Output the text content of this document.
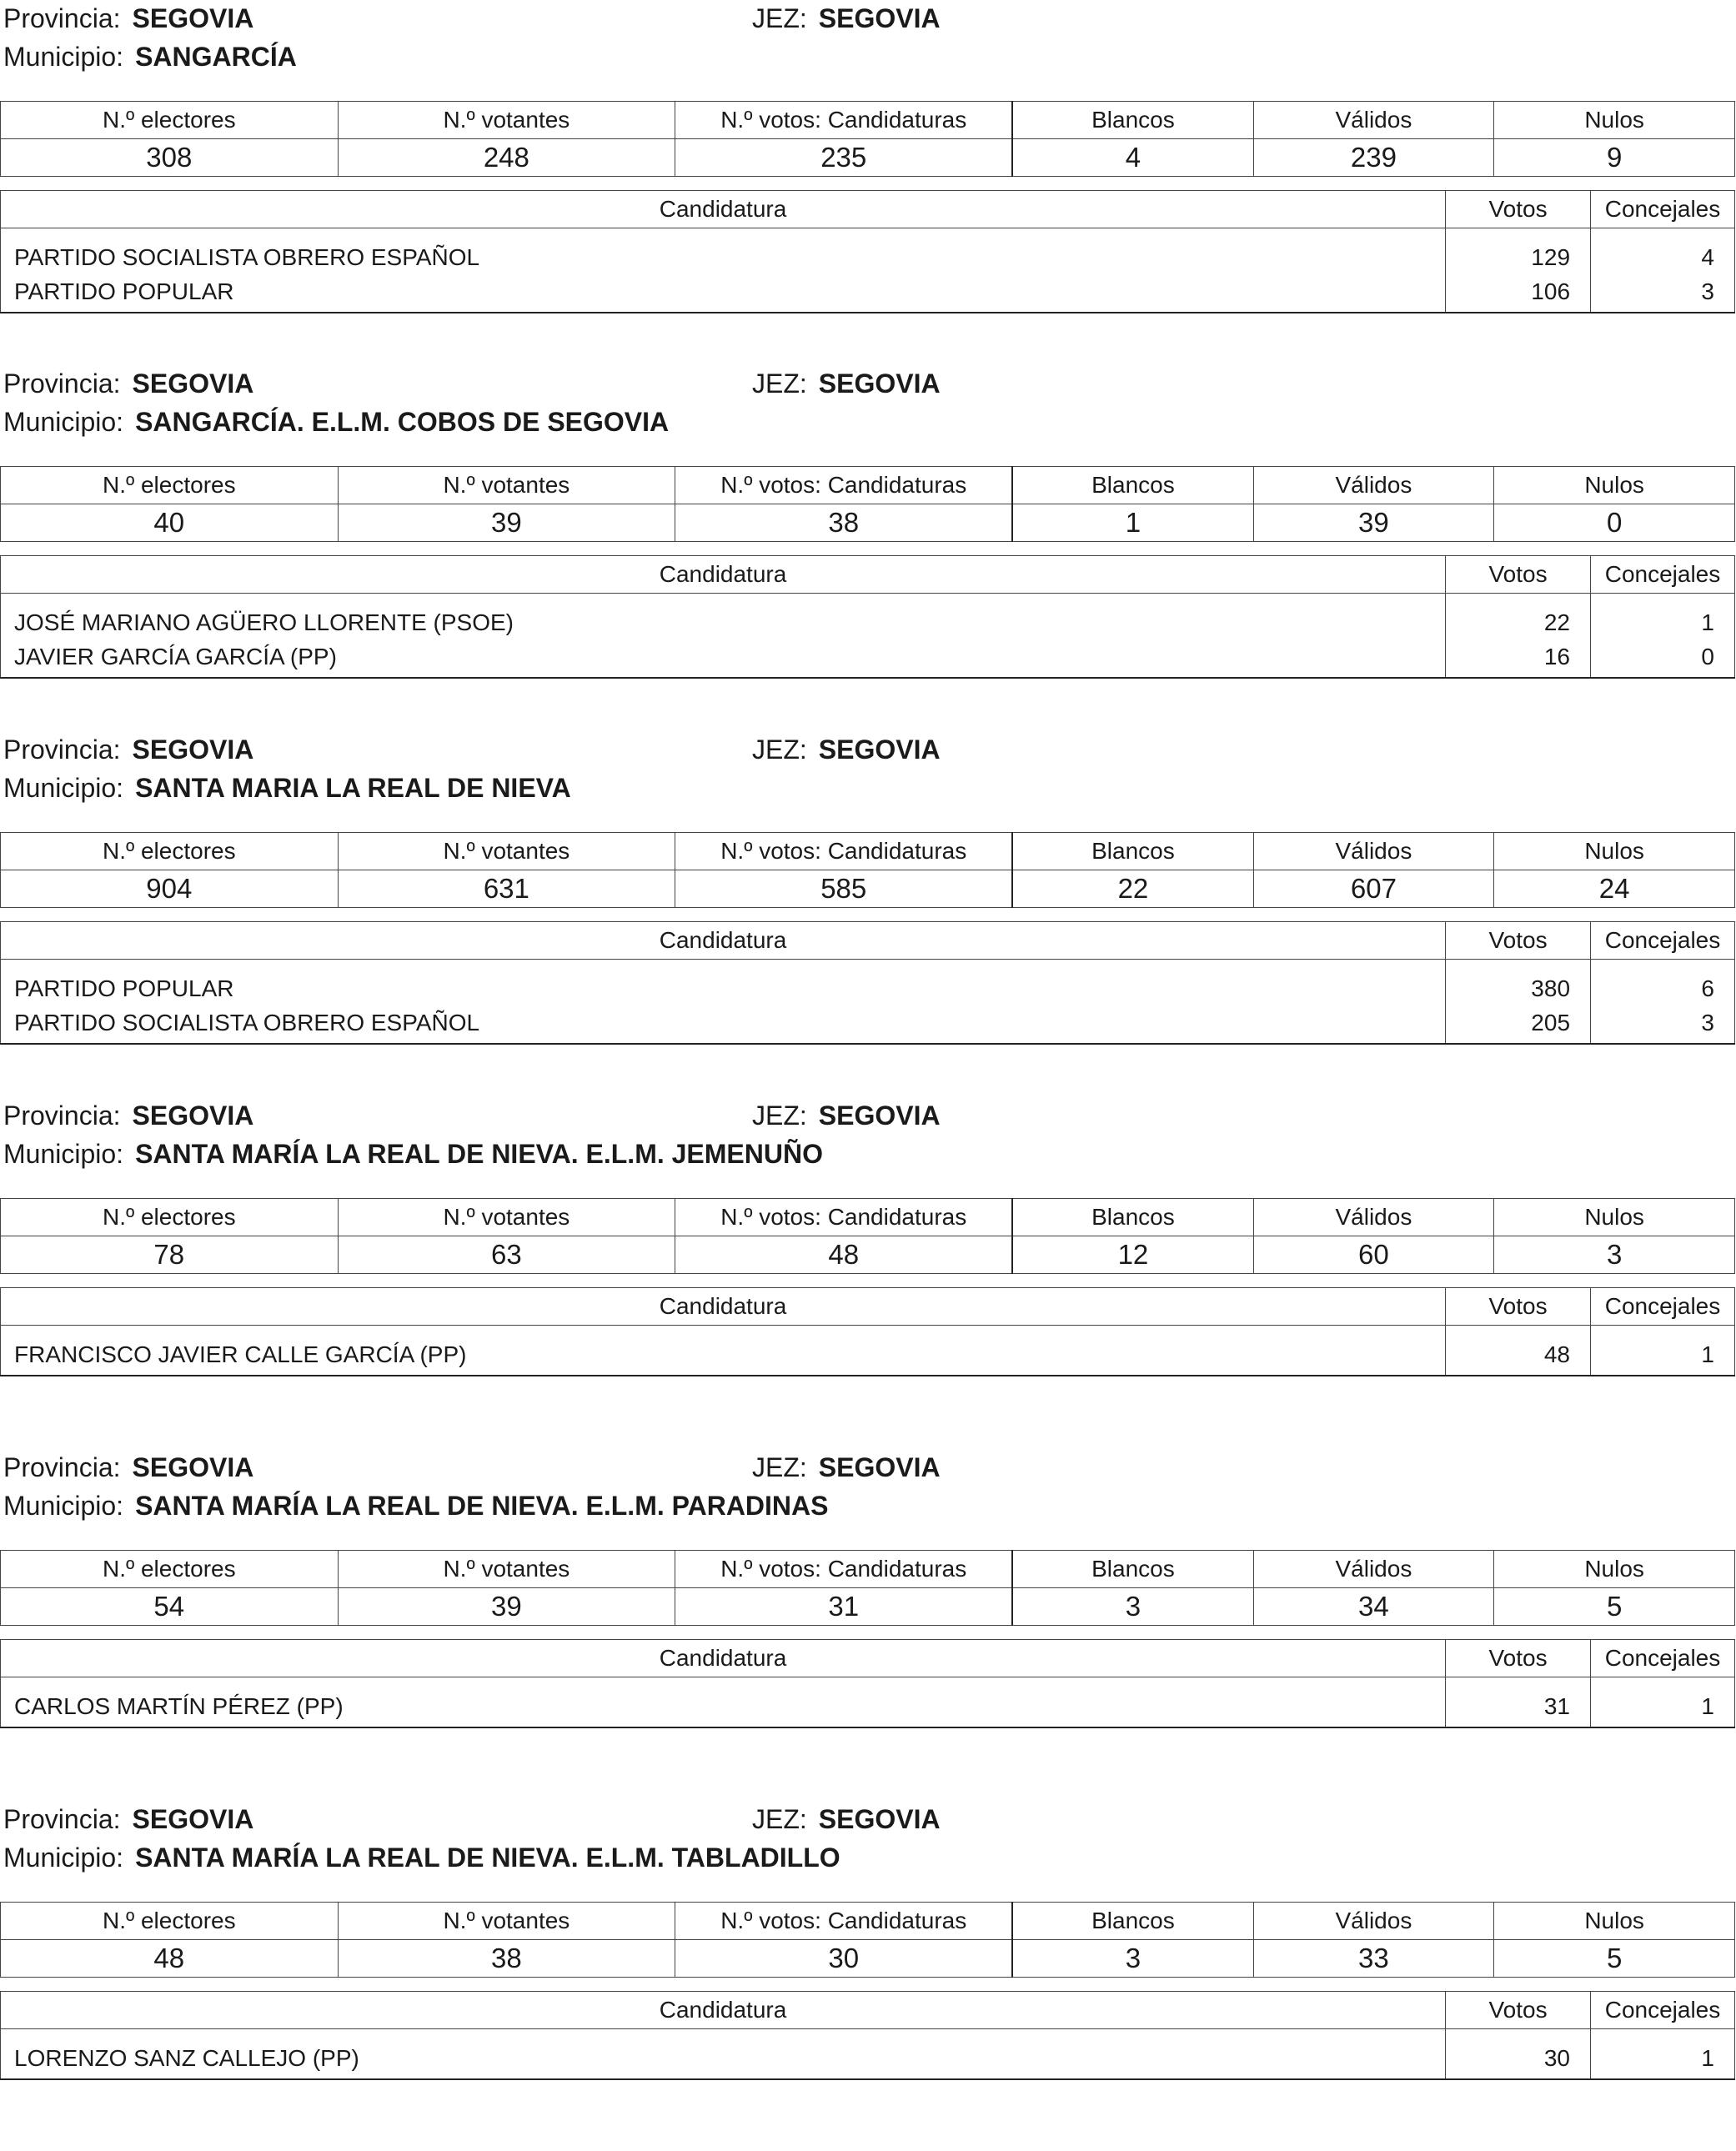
Provincia: SEGOVIA	JEZ: SEGOVIA
Municipio: SANGARCÍA
N.º electores	N.º votantes	N.º votos: Candidaturas	Blancos	Válidos	Nulos
308	248	235	4	239	9
Candidatura	Votos	Concejales
PARTIDO SOCIALISTA OBRERO ESPAÑOL	129	4
PARTIDO POPULAR	106	3
Provincia: SEGOVIA	JEZ: SEGOVIA
Municipio: SANGARCÍA. E.L.M. COBOS DE SEGOVIA
N.º electores	N.º votantes	N.º votos: Candidaturas	Blancos	Válidos	Nulos
40	39	38	1	39	0
Candidatura	Votos	Concejales
JOSÉ MARIANO AGÜERO LLORENTE (PSOE)	22	1
JAVIER GARCÍA GARCÍA (PP)	16	0
Provincia: SEGOVIA	JEZ: SEGOVIA
Municipio: SANTA MARIA LA REAL DE NIEVA
N.º electores	N.º votantes	N.º votos: Candidaturas	Blancos	Válidos	Nulos
904	631	585	22	607	24
Candidatura	Votos	Concejales
PARTIDO POPULAR	380	6
PARTIDO SOCIALISTA OBRERO ESPAÑOL	205	3
Provincia: SEGOVIA	JEZ: SEGOVIA
Municipio: SANTA MARÍA LA REAL DE NIEVA. E.L.M. JEMENUÑO
N.º electores	N.º votantes	N.º votos: Candidaturas	Blancos	Válidos	Nulos
78	63	48	12	60	3
Candidatura	Votos	Concejales
FRANCISCO JAVIER CALLE GARCÍA (PP)	48	1
Provincia: SEGOVIA	JEZ: SEGOVIA
Municipio: SANTA MARÍA LA REAL DE NIEVA. E.L.M. PARADINAS
N.º electores	N.º votantes	N.º votos: Candidaturas	Blancos	Válidos	Nulos
54	39	31	3	34	5
Candidatura	Votos	Concejales
CARLOS MARTÍN PÉREZ (PP)	31	1
Provincia: SEGOVIA	JEZ: SEGOVIA
Municipio: SANTA MARÍA LA REAL DE NIEVA. E.L.M. TABLADILLO
N.º electores	N.º votantes	N.º votos: Candidaturas	Blancos	Válidos	Nulos
48	38	30	3	33	5
Candidatura	Votos	Concejales
LORENZO SANZ CALLEJO (PP)	30	1
